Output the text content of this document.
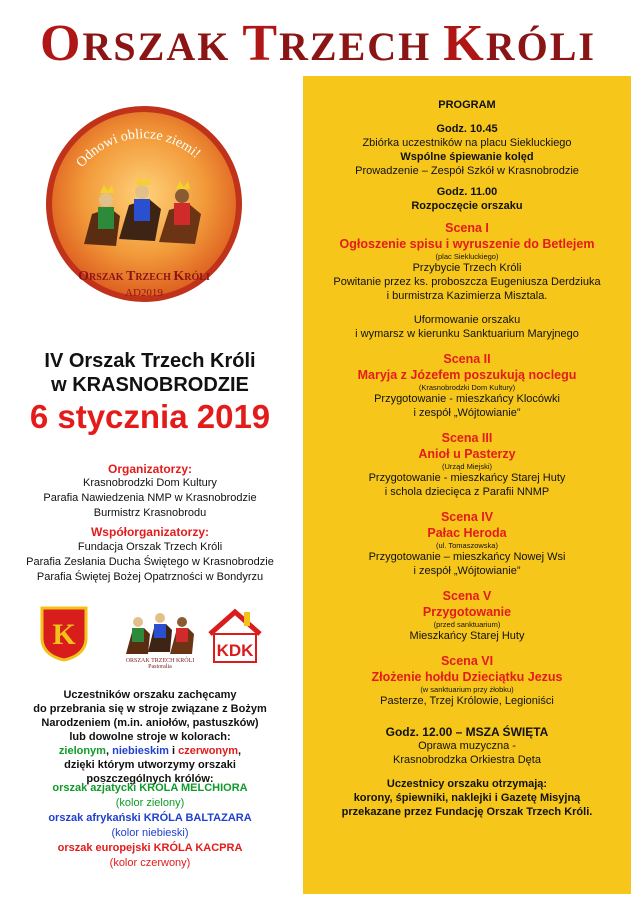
ORSZAK TRZECH KRÓLI
Odnowi oblicze ziemi!
ORSZAK TRZECH KRÓLI
AD2019
IV Orszak Trzech Króli
w KRASNOBRODZIE
6 stycznia 2019
Organizatorzy:
Krasnobrodzki Dom Kultury
Parafia Nawiedzenia NMP w Krasnobrodzie
Burmistrz Krasnobrodu
Współorganizatorzy:
Fundacja Orszak Trzech Króli
Parafia Zesłania Ducha Świętego w Krasnobrodzie
Parafia Świętej Bożej Opatrzności w Bondyrzu
K
ORSZAK TRZECH KRÓLI
Pastoralia
KDK
Uczestników orszaku zachęcamy
do przebrania się w stroje związane z Bożym
Narodzeniem (m.in. aniołów, pastuszków)
lub dowolne stroje w kolorach:
zielonym, niebieskim i czerwonym,
dzięki którym utworzymy orszaki
poszczególnych królów:
orszak azjatycki KRÓLA MELCHIORA
(kolor zielony)
orszak afrykański KRÓLA BALTAZARA
(kolor niebieski)
orszak europejski KRÓLA KACPRA
(kolor czerwony)
PROGRAM
Godz. 10.45
Zbiórka uczestników na placu Siekluckiego
Wspólne śpiewanie kolęd
Prowadzenie – Zespół Szkół w Krasnobrodzie
Godz. 11.00
Rozpoczęcie orszaku
Scena I
Ogłoszenie spisu i wyruszenie do Betlejem
(plac Siekluckiego)
Przybycie Trzech Króli
Powitanie przez ks. proboszcza Eugeniusza Derdziuka
i burmistrza Kazimierza Misztala.
Uformowanie orszaku
i wymarsz w kierunku Sanktuarium Maryjnego
Scena II
Maryja z Józefem poszukują noclegu
(Krasnobrodzki Dom Kultury)
Przygotowanie - mieszkańcy Klocówki
i zespół „Wójtowianie”
Scena III
Anioł u Pasterzy
(Urząd Miejski)
Przygotowanie - mieszkańcy Starej Huty
i schola dziecięca z Parafii NNMP
Scena IV
Pałac Heroda
(ul. Tomaszowska)
Przygotowanie – mieszkańcy Nowej Wsi
i zespół „Wójtowianie”
Scena V
Przygotowanie
(przed sanktuarium)
Mieszkańcy Starej Huty
Scena VI
Złożenie hołdu Dzieciątku Jezus
(w sanktuarium przy żłobku)
Pasterze, Trzej Królowie, Legioniści
Godz. 12.00 – MSZA ŚWIĘTA
Oprawa muzyczna -
Krasnobrodzka Orkiestra Dęta
Uczestnicy orszaku otrzymają:
korony, śpiewniki, naklejki i Gazetę Misyjną
przekazane przez Fundację Orszak Trzech Króli.
